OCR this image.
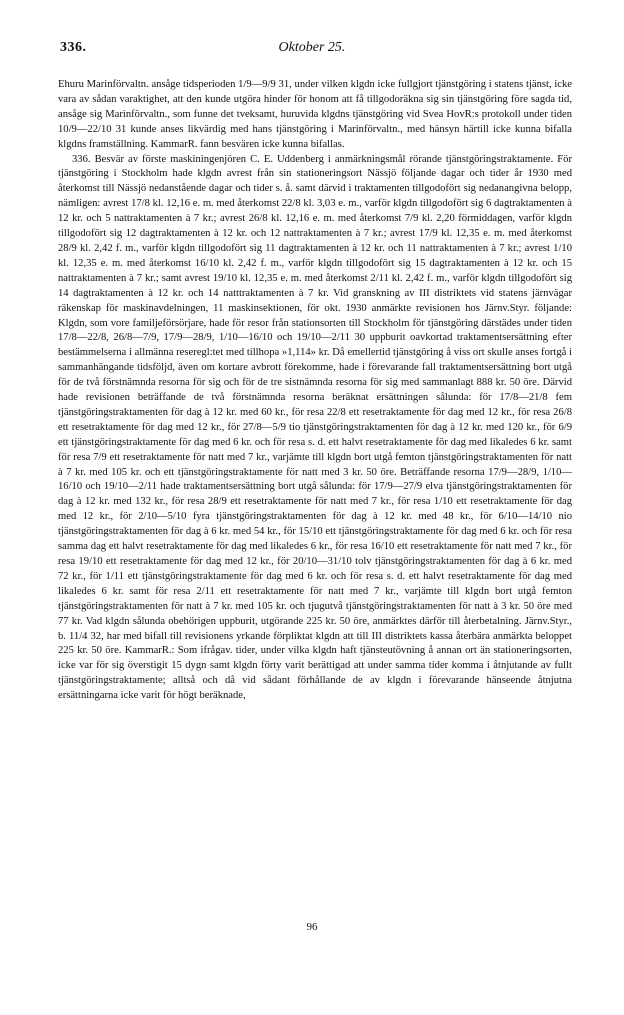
336.	Oktober 25.

Ehuru Marinförvaltn. ansåge tidsperioden 1/9—9/9 31, under vilken klgdn icke fullgjort tjänstgöring i statens tjänst, icke vara av sådan varaktighet, att den kunde utgöra hinder för honom att få tillgodoräkna sig sin tjänstgöring före sagda tid, ansåge sig Marinförvaltn., som funne det tveksamt, huruvida klgdns tjänstgöring vid Svea HovR:s protokoll under tiden 10/9—22/10 31 kunde anses likvärdig med hans tjänstgöring i Marinförvaltn., med hänsyn härtill icke kunna bifalla klgdns framställning. KammarR. fann besvären icke kunna bifallas.

336. Besvär av förste maskiningenjören C. E. Uddenberg i anmärkningsmål rörande tjänstgöringstraktamente. För tjänstgöring i Stockholm hade klgdn avrest från sin stationeringsort Nässjö följande dagar och tider år 1930 med återkomst till Nässjö nedanstående dagar och tider s. å. samt därvid i traktamenten tillgodofört sig nedanangivna belopp, nämligen: avrest 17/8 kl. 12,16 e. m. med återkomst 22/8 kl. 3,03 e. m., varför klgdn tillgodofört sig 6 dagtraktamenten à 12 kr. och 5 nattraktamenten à 7 kr.; avrest 26/8 kl. 12,16 e. m. med återkomst 7/9 kl. 2,20 förmiddagen, varför klgdn tillgodofört sig 12 dagtraktamenten à 12 kr. och 12 nattraktamenten à 7 kr.; avrest 17/9 kl. 12,35 e. m. med återkomst 28/9 kl. 2,42 f. m., varför klgdn tillgodofört sig 11 dagtraktamenten à 12 kr. och 11 nattraktamenten à 7 kr.; avrest 1/10 kl. 12,35 e. m. med återkomst 16/10 kl. 2,42 f. m., varför klgdn tillgodofört sig 15 dagtraktamenten à 12 kr. och 15 nattraktamenten à 7 kr.; samt avrest 19/10 kl. 12,35 e. m. med återkomst 2/11 kl. 2,42 f. m., varför klgdn tillgodofört sig 14 dagtraktamenten à 12 kr. och 14 natttraktamenten à 7 kr. Vid granskning av III distriktets vid statens järnvägar räkenskap för maskinavdelningen, 11 maskinsektionen, för okt. 1930 anmärkte revisionen hos Järnv.Styr. följande: Klgdn, som vore familjeförsörjare, hade för resor från stationsorten till Stockholm för tjänstgöring därstädes under tiden 17/8—22/8, 26/8—7/9, 17/9—28/9, 1/10—16/10 och 19/10—2/11 30 uppburit oavkortad traktamentsersättning efter bestämmelserna i allmänna reseregl:tet med tillhopa »1,114» kr. Då emellertid tjänstgöring å viss ort skulle anses fortgå i sammanhängande tidsföljd, även om kortare avbrott förekomme, hade i förevarande fall traktamentsersättning bort utgå för de två förstnämnda resorna för sig och för de tre sistnämnda resorna för sig med sammanlagt 888 kr. 50 öre. Därvid hade revisionen beträffande de två förstnämnda resorna beräknat ersättningen sålunda: för 17/8—21/8 fem tjänstgöringstraktamenten för dag à 12 kr. med 60 kr., för resa 22/8 ett resetraktamente för dag med 12 kr., för resa 26/8 ett resetraktamente för dag med 12 kr., för 27/8—5/9 tio tjänstgöringstraktamenten för dag à 12 kr. med 120 kr., för 6/9 ett tjänstgöringstraktamente för dag med 6 kr. och för resa s. d. ett halvt resetraktamente för dag med likaledes 6 kr. samt för resa 7/9 ett resetraktamente för natt med 7 kr., varjämte till klgdn bort utgå femton tjänstgöringstraktamenten för natt à 7 kr. med 105 kr. och ett tjänstgöringstraktamente för natt med 3 kr. 50 öre. Beträffande resorna 17/9—28/9, 1/10—16/10 och 19/10—2/11 hade traktamentsersättning bort utgå sålunda: för 17/9—27/9 elva tjänstgöringstraktamenten för dag à 12 kr. med 132 kr., för resa 28/9 ett resetraktamente för natt med 7 kr., för resa 1/10 ett resetraktamente för dag med 12 kr., för 2/10—5/10 fyra tjänstgöringstraktamenten för dag à 12 kr. med 48 kr., för 6/10—14/10 nio tjänstgöringstraktamenten för dag à 6 kr. med 54 kr., för 15/10 ett tjänstgöringstraktamente för dag med 6 kr. och för resa samma dag ett halvt resetraktamente för dag med likaledes 6 kr., för resa 16/10 ett resetraktamente för natt med 7 kr., för resa 19/10 ett resetraktamente för dag med 12 kr., för 20/10—31/10 tolv tjänstgöringstraktamenten för dag à 6 kr. med 72 kr., för 1/11 ett tjänstgöringstraktamente för dag med 6 kr. och för resa s. d. ett halvt resetraktamente för dag med likaledes 6 kr. samt för resa 2/11 ett resetraktamente för natt med 7 kr., varjämte till klgdn bort utgå femton tjänstgöringstraktamenten för natt à 7 kr. med 105 kr. och tjugutvå tjänstgöringstraktamenten för natt à 3 kr. 50 öre med 77 kr. Vad klgdn sålunda obehörigen uppburit, utgörande 225 kr. 50 öre, anmärktes därför till återbetalning. Järnv.Styr., b. 11/4 32, har med bifall till revisionens yrkande förpliktat klgdn att till III distriktets kassa återbära anmärkta beloppet 225 kr. 50 öre. KammarR.: Som ifrågav. tider, under vilka klgdn haft tjänsteutövning å annan ort än stationeringsorten, icke var för sig överstigit 15 dygn samt klgdn förty varit berättigad att under samma tider komma i åtnjutande av fullt tjänstgöringstraktamente; alltså och då vid sådant förhållande de av klgdn i förevarande hänseende åtnjutna ersättningarna icke varit för högt beräknade,

96
